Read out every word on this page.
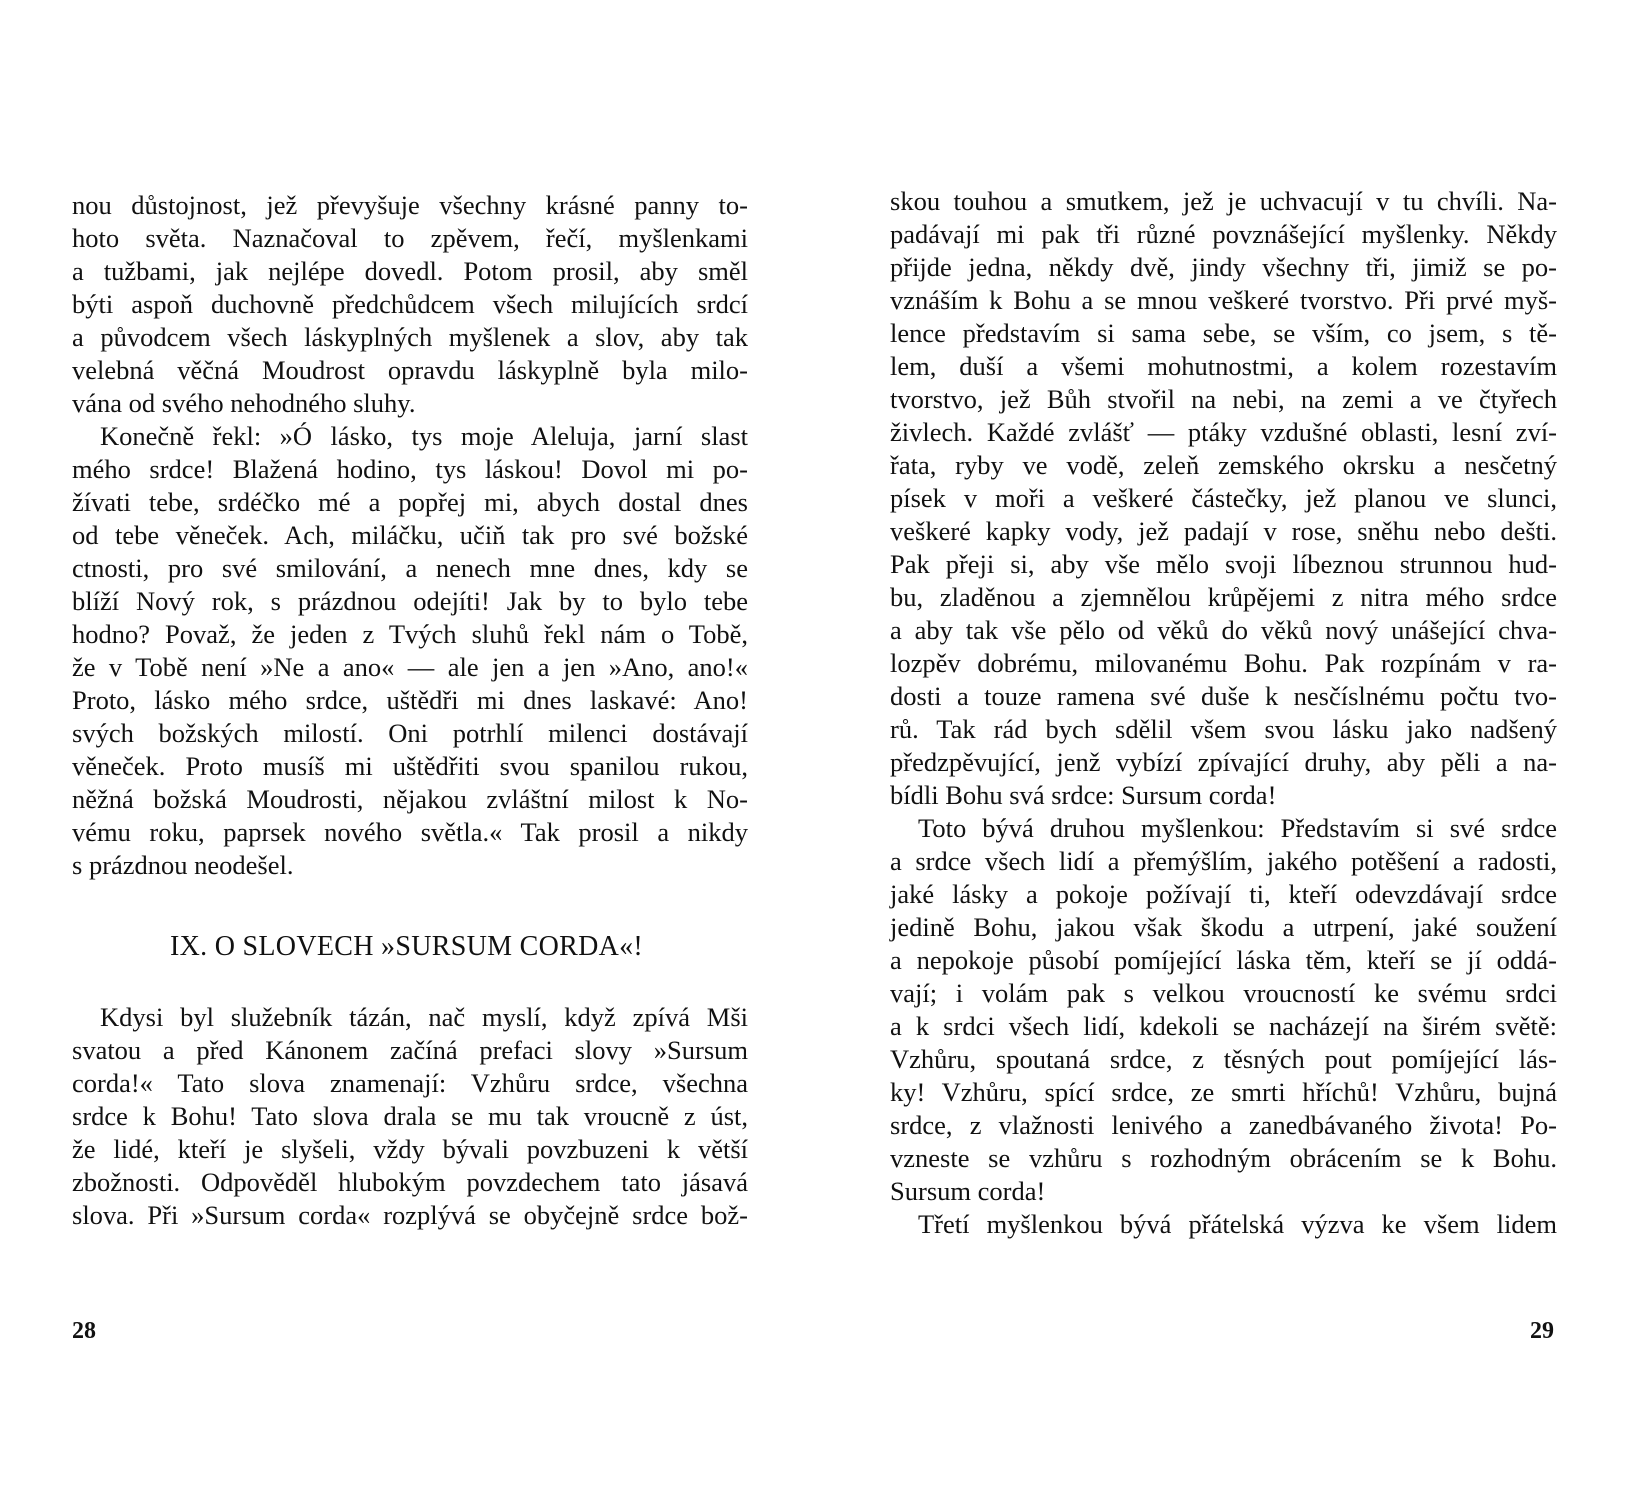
nou důstojnost, jež převyšuje všechny krásné panny to-
hoto světa. Naznačoval to zpěvem, řečí, myšlenkami
a tužbami, jak nejlépe dovedl. Potom prosil, aby směl
býti aspoň duchovně předchůdcem všech milujících srdcí
a původcem všech láskyplných myšlenek a slov, aby tak
velebná věčná Moudrost opravdu láskyplně byla milo-
vána od svého nehodného sluhy.
Konečně řekl: »Ó lásko, tys moje Aleluja, jarní slast
mého srdce! Blažená hodino, tys láskou! Dovol mi po-
žívati tebe, srdéčko mé a popřej mi, abych dostal dnes
od tebe věneček. Ach, miláčku, učiň tak pro své božské
ctnosti, pro své smilování, a nenech mne dnes, kdy se
blíží Nový rok, s prázdnou odejíti! Jak by to bylo tebe
hodno? Považ, že jeden z Tvých sluhů řekl nám o Tobě,
že v Tobě není »Ne a ano« — ale jen a jen »Ano, ano!«
Proto, lásko mého srdce, uštědři mi dnes laskavé: Ano!
svých božských milostí. Oni potrhlí milenci dostávají
věneček. Proto musíš mi uštědřiti svou spanilou rukou,
něžná božská Moudrosti, nějakou zvláštní milost k No-
vému roku, paprsek nového světla.« Tak prosil a nikdy
s prázdnou neodešel.
IX. O SLOVECH »SURSUM CORDA«!
Kdysi byl služebník tázán, nač myslí, když zpívá Mši
svatou a před Kánonem začíná prefaci slovy »Sursum
corda!« Tato slova znamenají: Vzhůru srdce, všechna
srdce k Bohu! Tato slova drala se mu tak vroucně z úst,
že lidé, kteří je slyšeli, vždy bývali povzbuzeni k větší
zbožnosti. Odpověděl hlubokým povzdechem tato jásavá
slova. Při »Sursum corda« rozplývá se obyčejně srdce bož-
28
skou touhou a smutkem, jež je uchvacují v tu chvíli. Na-
padávají mi pak tři různé povznášející myšlenky. Někdy
přijde jedna, někdy dvě, jindy všechny tři, jimiž se po-
vznáším k Bohu a se mnou veškeré tvorstvo. Při prvé myš-
lence představím si sama sebe, se vším, co jsem, s tě-
lem, duší a všemi mohutnostmi, a kolem rozestavím
tvorstvo, jež Bůh stvořil na nebi, na zemi a ve čtyřech
živlech. Každé zvlášť — ptáky vzdušné oblasti, lesní zví-
řata, ryby ve vodě, zeleň zemského okrsku a nesčetný
písek v moři a veškeré částečky, jež planou ve slunci,
veškeré kapky vody, jež padají v rose, sněhu nebo dešti.
Pak přeji si, aby vše mělo svoji líbeznou strunnou hud-
bu, zladěnou a zjemnělou krůpějemi z nitra mého srdce
a aby tak vše pělo od věků do věků nový unášející chva-
lozpěv dobrému, milovanému Bohu. Pak rozpínám v ra-
dosti a touze ramena své duše k nesčíslnému počtu tvo-
rů. Tak rád bych sdělil všem svou lásku jako nadšený
předzpěvující, jenž vybízí zpívající druhy, aby pěli a na-
bídli Bohu svá srdce: Sursum corda!
Toto bývá druhou myšlenkou: Představím si své srdce
a srdce všech lidí a přemýšlím, jakého potěšení a radosti,
jaké lásky a pokoje požívají ti, kteří odevzdávají srdce
jedině Bohu, jakou však škodu a utrpení, jaké soužení
a nepokoje působí pomíjející láska těm, kteří se jí oddá-
vají; i volám pak s velkou vroucností ke svému srdci
a k srdci všech lidí, kdekoli se nacházejí na širém světě:
Vzhůru, spoutaná srdce, z těsných pout pomíjející lás-
ky! Vzhůru, spící srdce, ze smrti hříchů! Vzhůru, bujná
srdce, z vlažnosti lenivého a zanedbávaného života! Po-
vzneste se vzhůru s rozhodným obrácením se k Bohu.
Sursum corda!
Třetí myšlenkou bývá přátelská výzva ke všem lidem
29
